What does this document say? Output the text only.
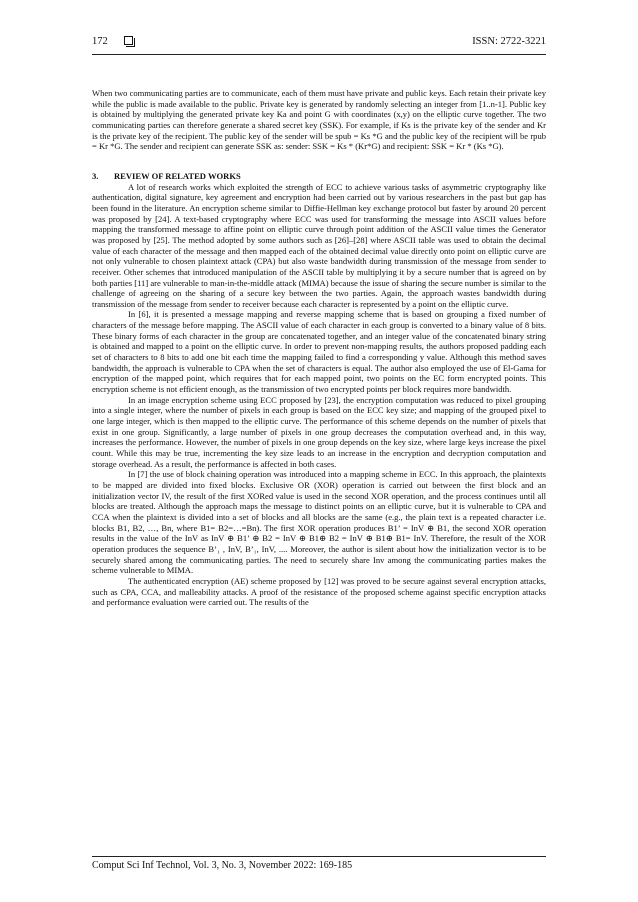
172	ISSN: 2722-3221

When two communicating parties are to communicate, each of them must have private and public keys. Each retain their private key while the public is made available to the public. Private key is generated by randomly selecting an integer from [1..n-1]. Public key is obtained by multiplying the generated private key Ka and point G with coordinates (x,y) on the elliptic curve together. The two communicating parties can therefore generate a shared secret key (SSK). For example, if Ks is the private key of the sender and Kr is the private key of the recipient. The public key of the sender will be spub = Ks *G and the public key of the recipient will be rpub = Kr *G. The sender and recipient can generate SSK as: sender: SSK = Ks * (Kr*G) and recipient: SSK = Kr * (Ks *G).

3. REVIEW OF RELATED WORKS

A lot of research works which exploited the strength of ECC to achieve various tasks of asymmetric cryptography like authentication, digital signature, key agreement and encryption had been carried out by various researchers in the past but gap has been found in the literature. An encryption scheme similar to Diffie-Hellman key exchange protocol but faster by around 20 percent was proposed by [24]. A text-based cryptography where ECC was used for transforming the message into ASCII values before mapping the transformed message to affine point on elliptic curve through point addition of the ASCII value times the Generator was proposed by [25]. The method adopted by some authors such as [26]–[28] where ASCII table was used to obtain the decimal value of each character of the message and then mapped each of the obtained decimal value directly onto point on elliptic curve are not only vulnerable to chosen plaintext attack (CPA) but also waste bandwidth during transmission of the message from sender to receiver. Other schemes that introduced manipulation of the ASCII table by multiplying it by a secure number that is agreed on by both parties [11] are vulnerable to man-in-the-middle attack (MIMA) because the issue of sharing the secure number is similar to the challenge of agreeing on the sharing of a secure key between the two parties. Again, the approach wastes bandwidth during transmission of the message from sender to receiver because each character is represented by a point on the elliptic curve.

In [6], it is presented a message mapping and reverse mapping scheme that is based on grouping a fixed number of characters of the message before mapping. The ASCII value of each character in each group is converted to a binary value of 8 bits. These binary forms of each character in the group are concatenated together, and an integer value of the concatenated binary string is obtained and mapped to a point on the elliptic curve. In order to prevent non-mapping results, the authors proposed padding each set of characters to 8 bits to add one bit each time the mapping failed to find a corresponding y value. Although this method saves bandwidth, the approach is vulnerable to CPA when the set of characters is equal. The author also employed the use of El-Gama for encryption of the mapped point, which requires that for each mapped point, two points on the EC form encrypted points. This encryption scheme is not efficient enough, as the transmission of two encrypted points per block requires more bandwidth.

In an image encryption scheme using ECC proposed by [23], the encryption computation was reduced to pixel grouping into a single integer, where the number of pixels in each group is based on the ECC key size; and mapping of the grouped pixel to one large integer, which is then mapped to the elliptic curve. The performance of this scheme depends on the number of pixels that exist in one group. Significantly, a large number of pixels in one group decreases the computation overhead and, in this way, increases the performance. However, the number of pixels in one group depends on the key size, where large keys increase the pixel count. While this may be true, incrementing the key size leads to an increase in the encryption and decryption computation and storage overhead. As a result, the performance is affected in both cases.

In [7] the use of block chaining operation was introduced into a mapping scheme in ECC. In this approach, the plaintexts to be mapped are divided into fixed blocks. Exclusive OR (XOR) operation is carried out between the first block and an initialization vector IV, the result of the first XORed value is used in the second XOR operation, and the process continues until all blocks are treated. Although the approach maps the message to distinct points on an elliptic curve, but it is vulnerable to CPA and CCA when the plaintext is divided into a set of blocks and all blocks are the same (e.g., the plain text is a repeated character i.e. blocks B1, B2, …, Bn, where B1= B2=…=Bn). The first XOR operation produces B1’ = InV ⊕ B1, the second XOR operation results in the value of the InV as InV ⊕ B1’ ⊕ B2 = InV ⊕ B1⊕ B2 = InV ⊕ B1⊕ B1= InV. Therefore, the result of the XOR operation produces the sequence B’₁ , InV, B’₁, InV, .... Moreover, the author is silent about how the initialization vector is to be securely shared among the communicating parties. The need to securely share Inv among the communicating parties makes the scheme vulnerable to MIMA.

The authenticated encryption (AE) scheme proposed by [12] was proved to be secure against several encryption attacks, such as CPA, CCA, and malleability attacks. A proof of the resistance of the proposed scheme against specific encryption attacks and performance evaluation were carried out. The results of the

Comput Sci Inf Technol, Vol. 3, No. 3, November 2022: 169-185
